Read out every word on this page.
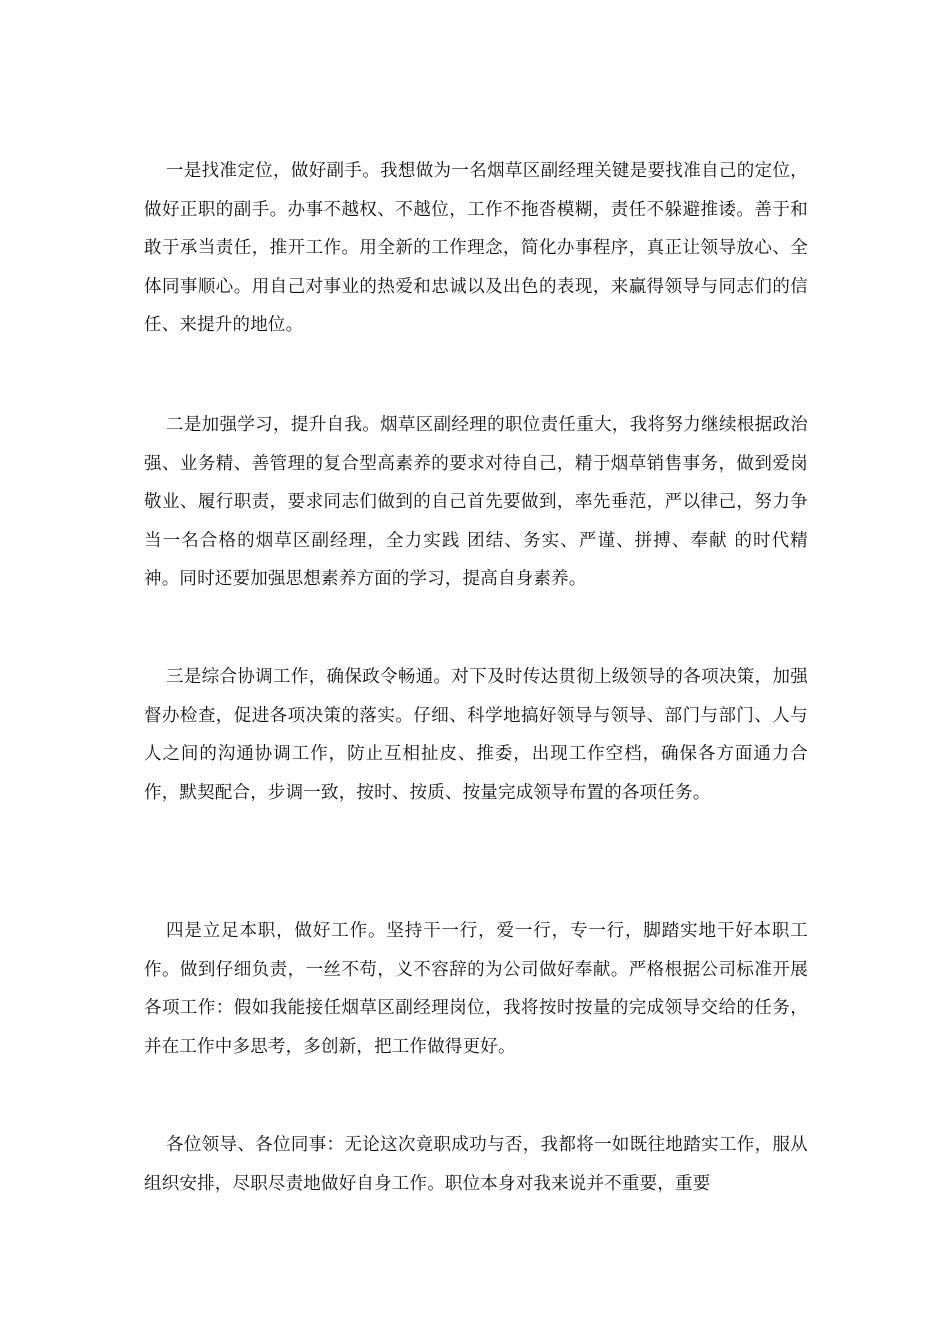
一是找准定位，做好副手。我想做为一名烟草区副经理关键是要找准自己的定位，做好正职的副手。办事不越权、不越位，工作不拖沓模糊，责任不躲避推诿。善于和敢于承当责任，推开工作。用全新的工作理念，简化办事程序，真正让领导放心、全体同事顺心。用自己对事业的热爱和忠诚以及出色的表现，来赢得领导与同志们的信任、来提升的地位。

二是加强学习，提升自我。烟草区副经理的职位责任重大，我将努力继续根据政治强、业务精、善管理的复合型高素养的要求对待自己，精于烟草销售事务，做到爱岗敬业、履行职责，要求同志们做到的自己首先要做到，率先垂范，严以律己，努力争当一名合格的烟草区副经理，全力实践 团结、务实、严谨、拼搏、奉献 的时代精神。同时还要加强思想素养方面的学习，提高自身素养。

三是综合协调工作，确保政令畅通。对下及时传达贯彻上级领导的各项决策，加强督办检查，促进各项决策的落实。仔细、科学地搞好领导与领导、部门与部门、人与人之间的沟通协调工作，防止互相扯皮、推委，出现工作空档，确保各方面通力合作，默契配合，步调一致，按时、按质、按量完成领导布置的各项任务。

四是立足本职，做好工作。坚持干一行，爱一行，专一行，脚踏实地干好本职工作。做到仔细负责，一丝不苟，义不容辞的为公司做好奉献。严格根据公司标准开展各项工作：假如我能接任烟草区副经理岗位，我将按时按量的完成领导交给的任务，并在工作中多思考，多创新，把工作做得更好。

各位领导、各位同事：无论这次竟职成功与否，我都将一如既往地踏实工作，服从组织安排，尽职尽责地做好自身工作。职位本身对我来说并不重要，重要
